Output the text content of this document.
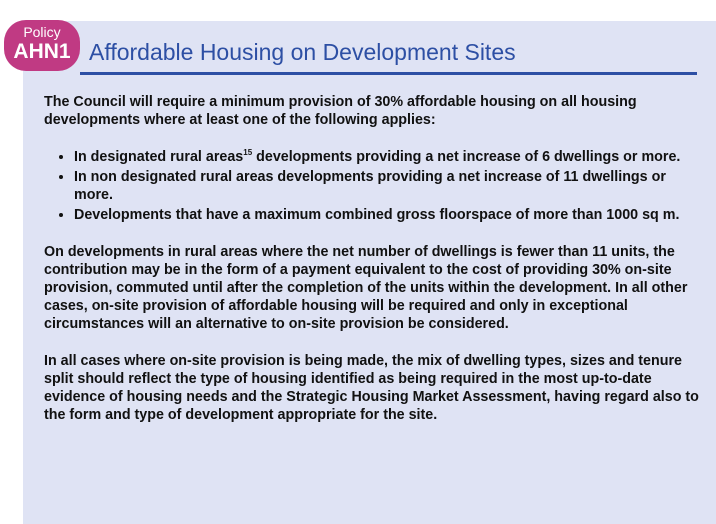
Policy
AHN1 Affordable Housing on Development Sites

The Council will require a minimum provision of 30% affordable housing on all housing developments where at least one of the following applies:

• In designated rural areas$^{15}$ developments providing a net increase of 6 dwellings or more.
• In non designated rural areas developments providing a net increase of 11 dwellings or more.
• Developments that have a maximum combined gross floorspace of more than 1000 sq m.

On developments in rural areas where the net number of dwellings is fewer than 11 units, the contribution may be in the form of a payment equivalent to the cost of providing 30% on-site provision, commuted until after the completion of the units within the development. In all other cases, on-site provision of affordable housing will be required and only in exceptional circumstances will an alternative to on-site provision be considered.

In all cases where on-site provision is being made, the mix of dwelling types, sizes and tenure split should reflect the type of housing identified as being required in the most up-to-date evidence of housing needs and the Strategic Housing Market Assessment, having regard also to the form and type of development appropriate for the site.
